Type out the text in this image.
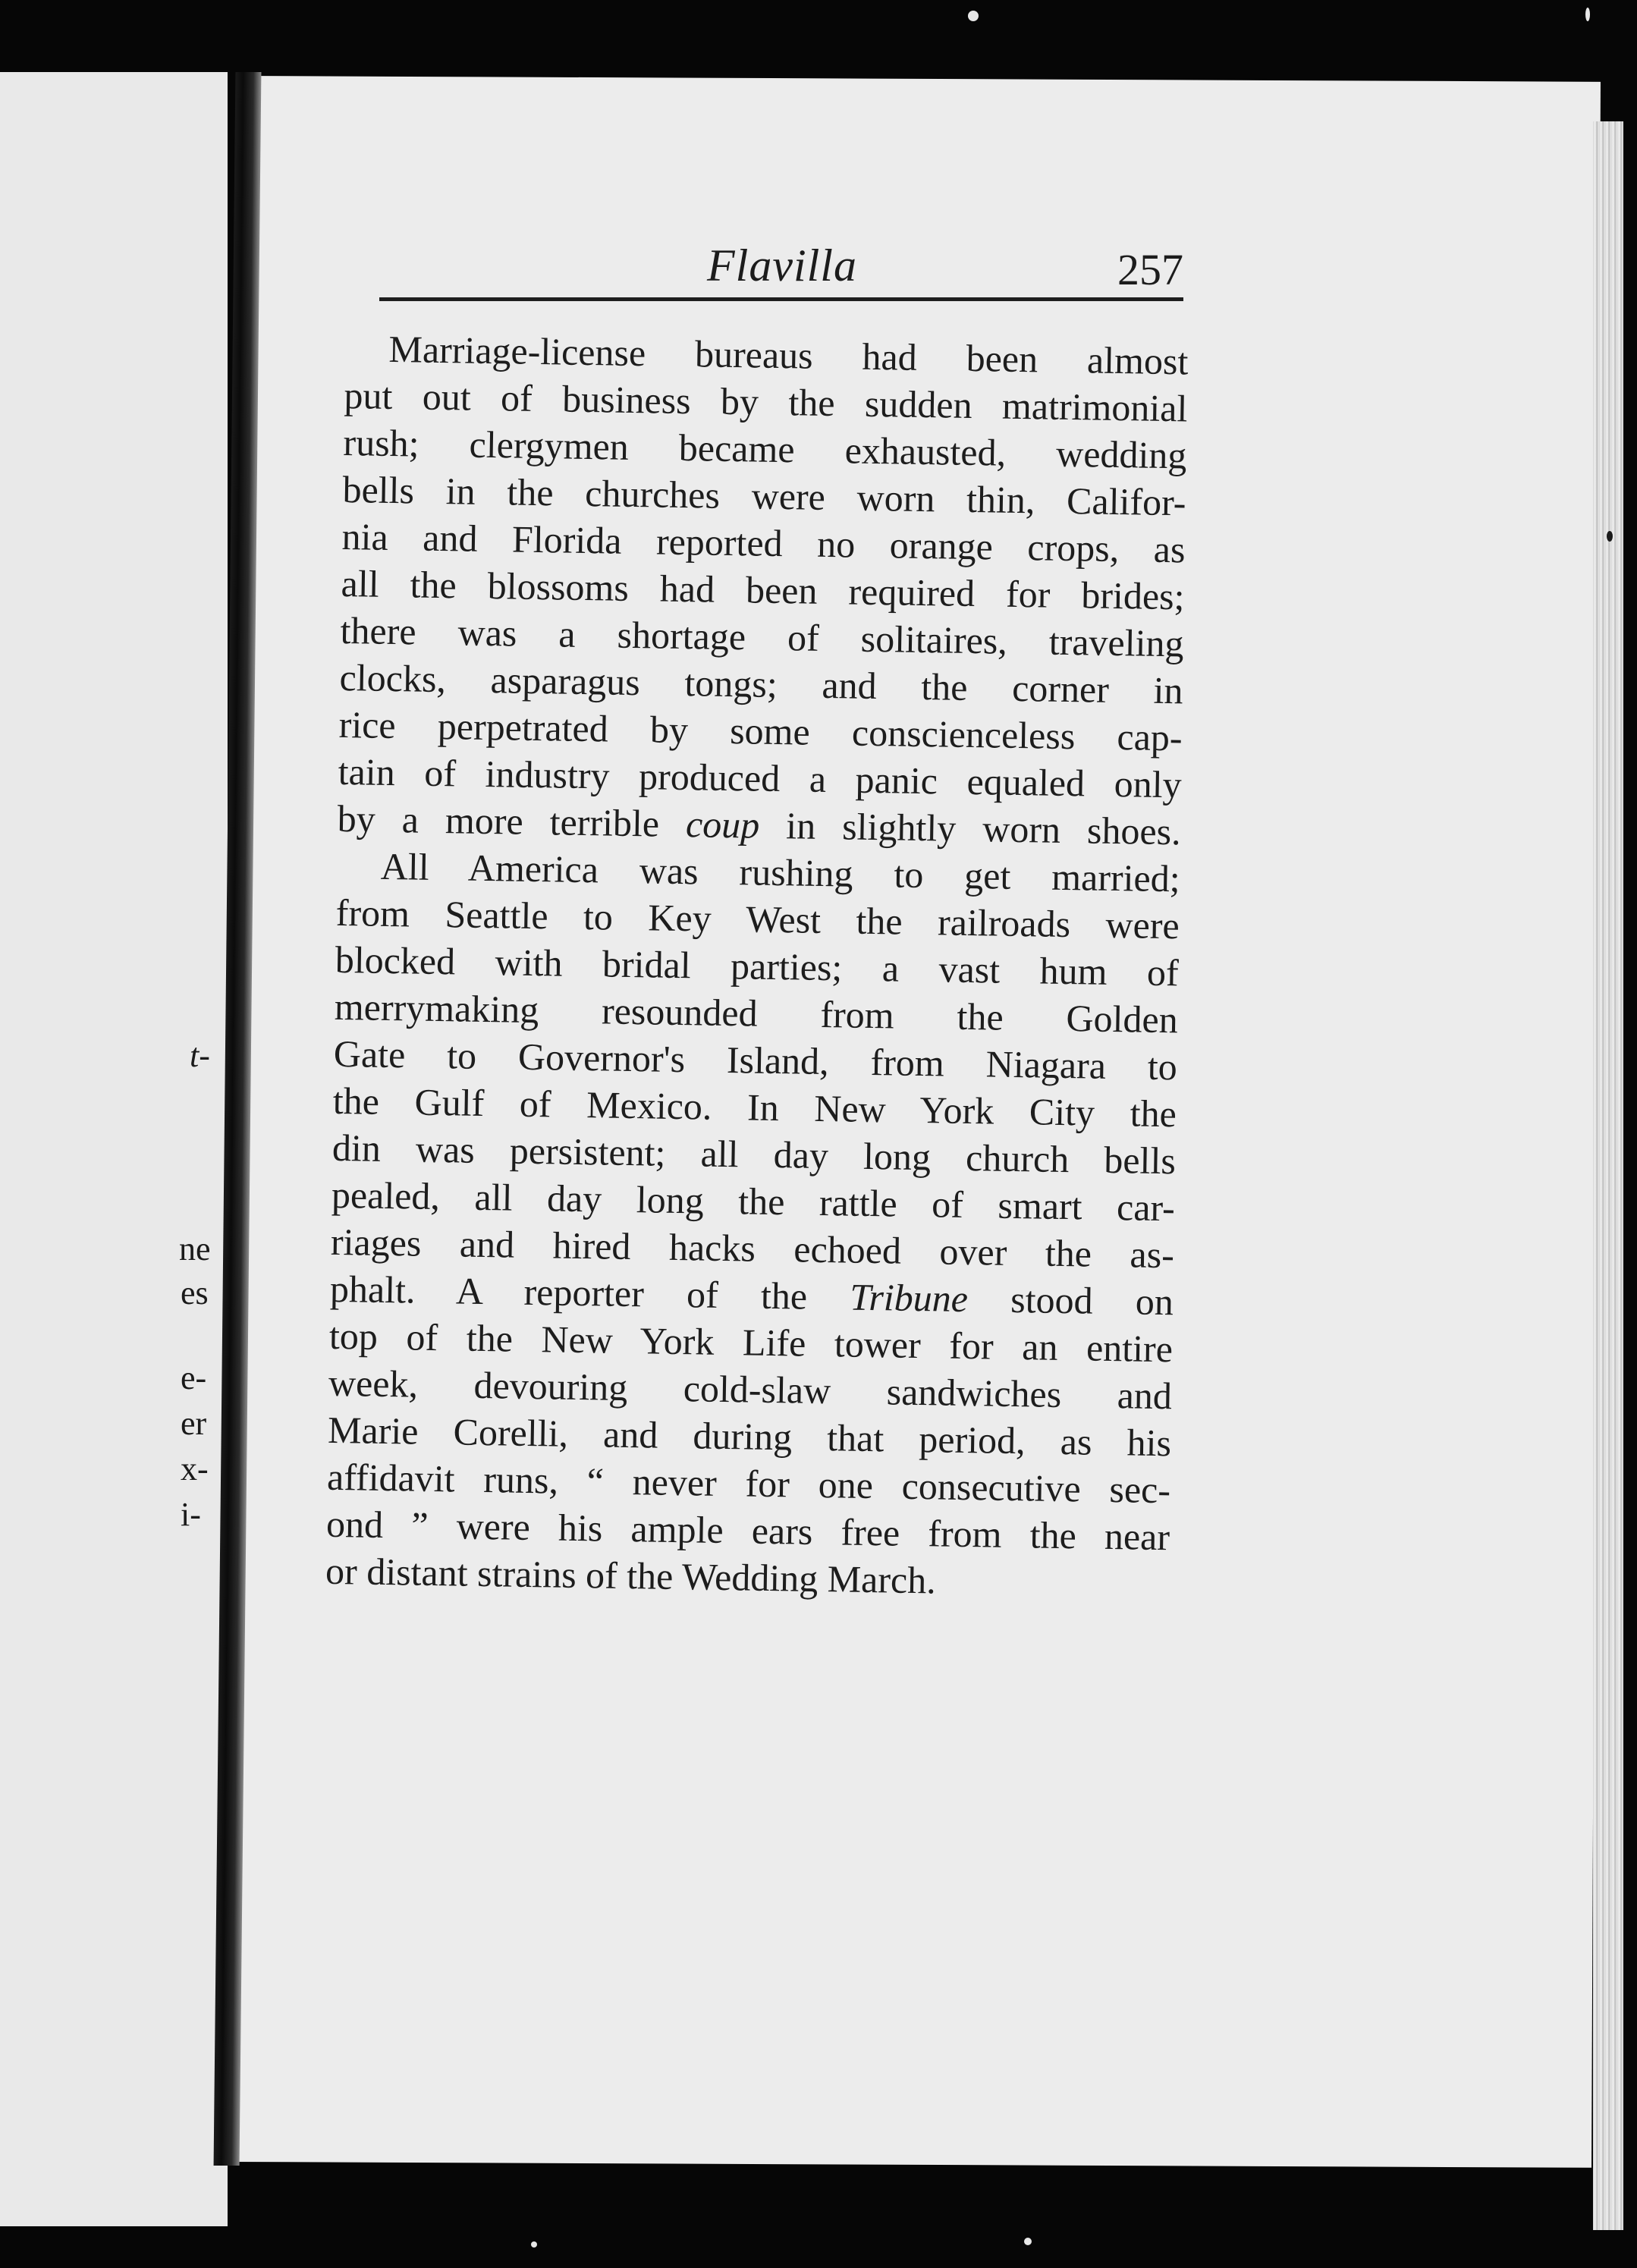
t-
ne
es
e-
er
x-
i-
Flavilla	257
Marriage-license bureaus had been almost
put out of business by the sudden matrimonial
rush; clergymen became exhausted, wedding
bells in the churches were worn thin, Califor-
nia and Florida reported no orange crops, as
all the blossoms had been required for brides;
there was a shortage of solitaires, traveling
clocks, asparagus tongs; and the corner in
rice perpetrated by some conscienceless cap-
tain of industry produced a panic equaled only
by a more terrible coup in slightly worn shoes.
All America was rushing to get married;
from Seattle to Key West the railroads were
blocked with bridal parties; a vast hum of
merrymaking resounded from the Golden
Gate to Governor's Island, from Niagara to
the Gulf of Mexico. In New York City the
din was persistent; all day long church bells
pealed, all day long the rattle of smart car-
riages and hired hacks echoed over the as-
phalt. A reporter of the Tribune stood on
top of the New York Life tower for an entire
week, devouring cold-slaw sandwiches and
Marie Corelli, and during that period, as his
affidavit runs, “ never for one consecutive sec-
ond ” were his ample ears free from the near
or distant strains of the Wedding March.
